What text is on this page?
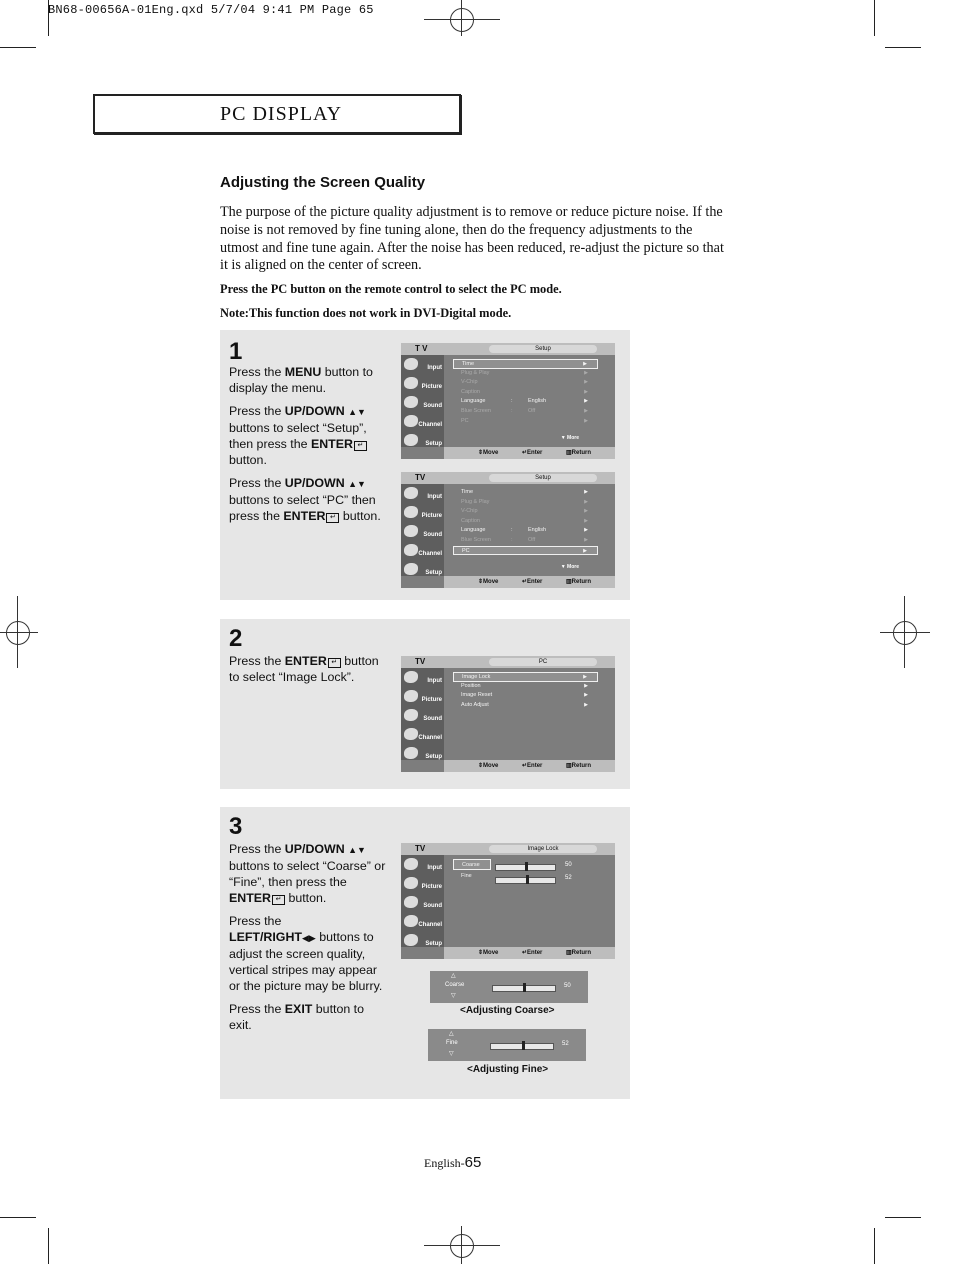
BN68-00656A-01Eng.qxd 5/7/04 9:41 PM Page 65
PC DISPLAY
Adjusting the Screen Quality
The purpose of the picture quality adjustment is to remove or reduce picture noise. If the noise is not removed by fine tuning alone, then do the frequency adjustments to the utmost and fine tune again. After the noise has been reduced, re-adjust the picture so that it is aligned on the center of screen.
Press the PC button on the remote control to select the PC mode.
Note:This function does not work in DVI-Digital mode.
1

Press the MENU button to display the menu.

Press the UP/DOWN ▲▼ buttons to select “Setup”, then press the ENTER ↵ button.

Press the UP/DOWN ▲▼ buttons to select “PC” then press the ENTER ↵ button.

T V	Setup
Input
Picture
Sound
Channel
Setup
Time	▶
Plug & Play	▶
V-Chip	▶
Caption	▶
Language	:	English	▶
Blue Screen	:	Off	▶
PC	▶
▼ More
⇕ Move	↵ Enter	▥ Return
TV	Setup
Input
Picture
Sound
Channel
Setup
Time	▶
Plug & Play	▶
V-Chip	▶
Caption	▶
Language	:	English	▶
Blue Screen	:	Off	▶
PC	▶
▼ More
⇕ Move	↵ Enter	▥ Return
2

Press the ENTER ↵ button to select “Image Lock”.

TV	PC
Input
Picture
Sound
Channel
Setup
Image Lock	▶
Position	▶
Image Reset	▶
Auto Adjust	▶
⇕ Move	↵ Enter	▥ Return
3

Press the UP/DOWN ▲▼ buttons to select “Coarse” or “Fine”, then press the ENTER ↵ button.

Press the
LEFT/RIGHT◀▶ buttons to adjust the screen quality, vertical stripes may appear or the picture may be blurry.

Press the EXIT button to exit.

TV	Image Lock
Input
Picture
Sound
Channel
Setup
Coarse
Fine
50
52
⇕ Move	↵ Enter	▥ Return
△
Coarse
▽
50
<Adjusting Coarse>
△
Fine
▽
52
<Adjusting Fine>
English-65
